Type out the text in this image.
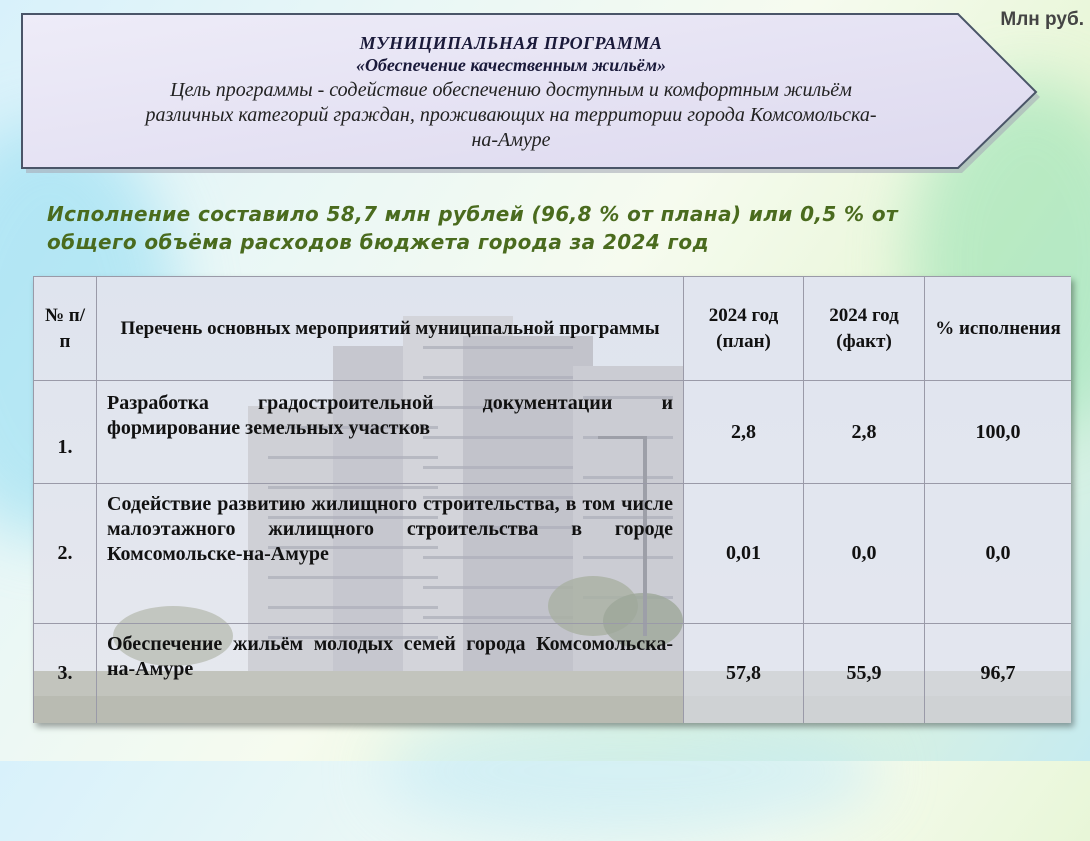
Млн руб.
МУНИЦИПАЛЬНАЯ ПРОГРАММА
«Обеспечение качественным жильём»
Цель программы - содействие обеспечению доступным и комфортным жильём
различных категорий граждан, проживающих на территории города Комсомольска-
на-Амуре
Исполнение составило 58,7 млн рублей (96,8 % от плана) или 0,5 % от
общего объёма расходов бюджета города за 2024 год
№ п/п	Перечень основных мероприятий муниципальной программы	2024 год (план)	2024 год (факт)	% исполнения
1.	Разработка градостроительной документации и формирование земельных участков	2,8	2,8	100,0
2.	Содействие развитию жилищного строительства, в том числе малоэтажного жилищного строительства в городе Комсомольске-на-Амуре	0,01	0,0	0,0
3.	Обеспечение жильём молодых семей города Комсомольска-на-Амуре	57,8	55,9	96,7
